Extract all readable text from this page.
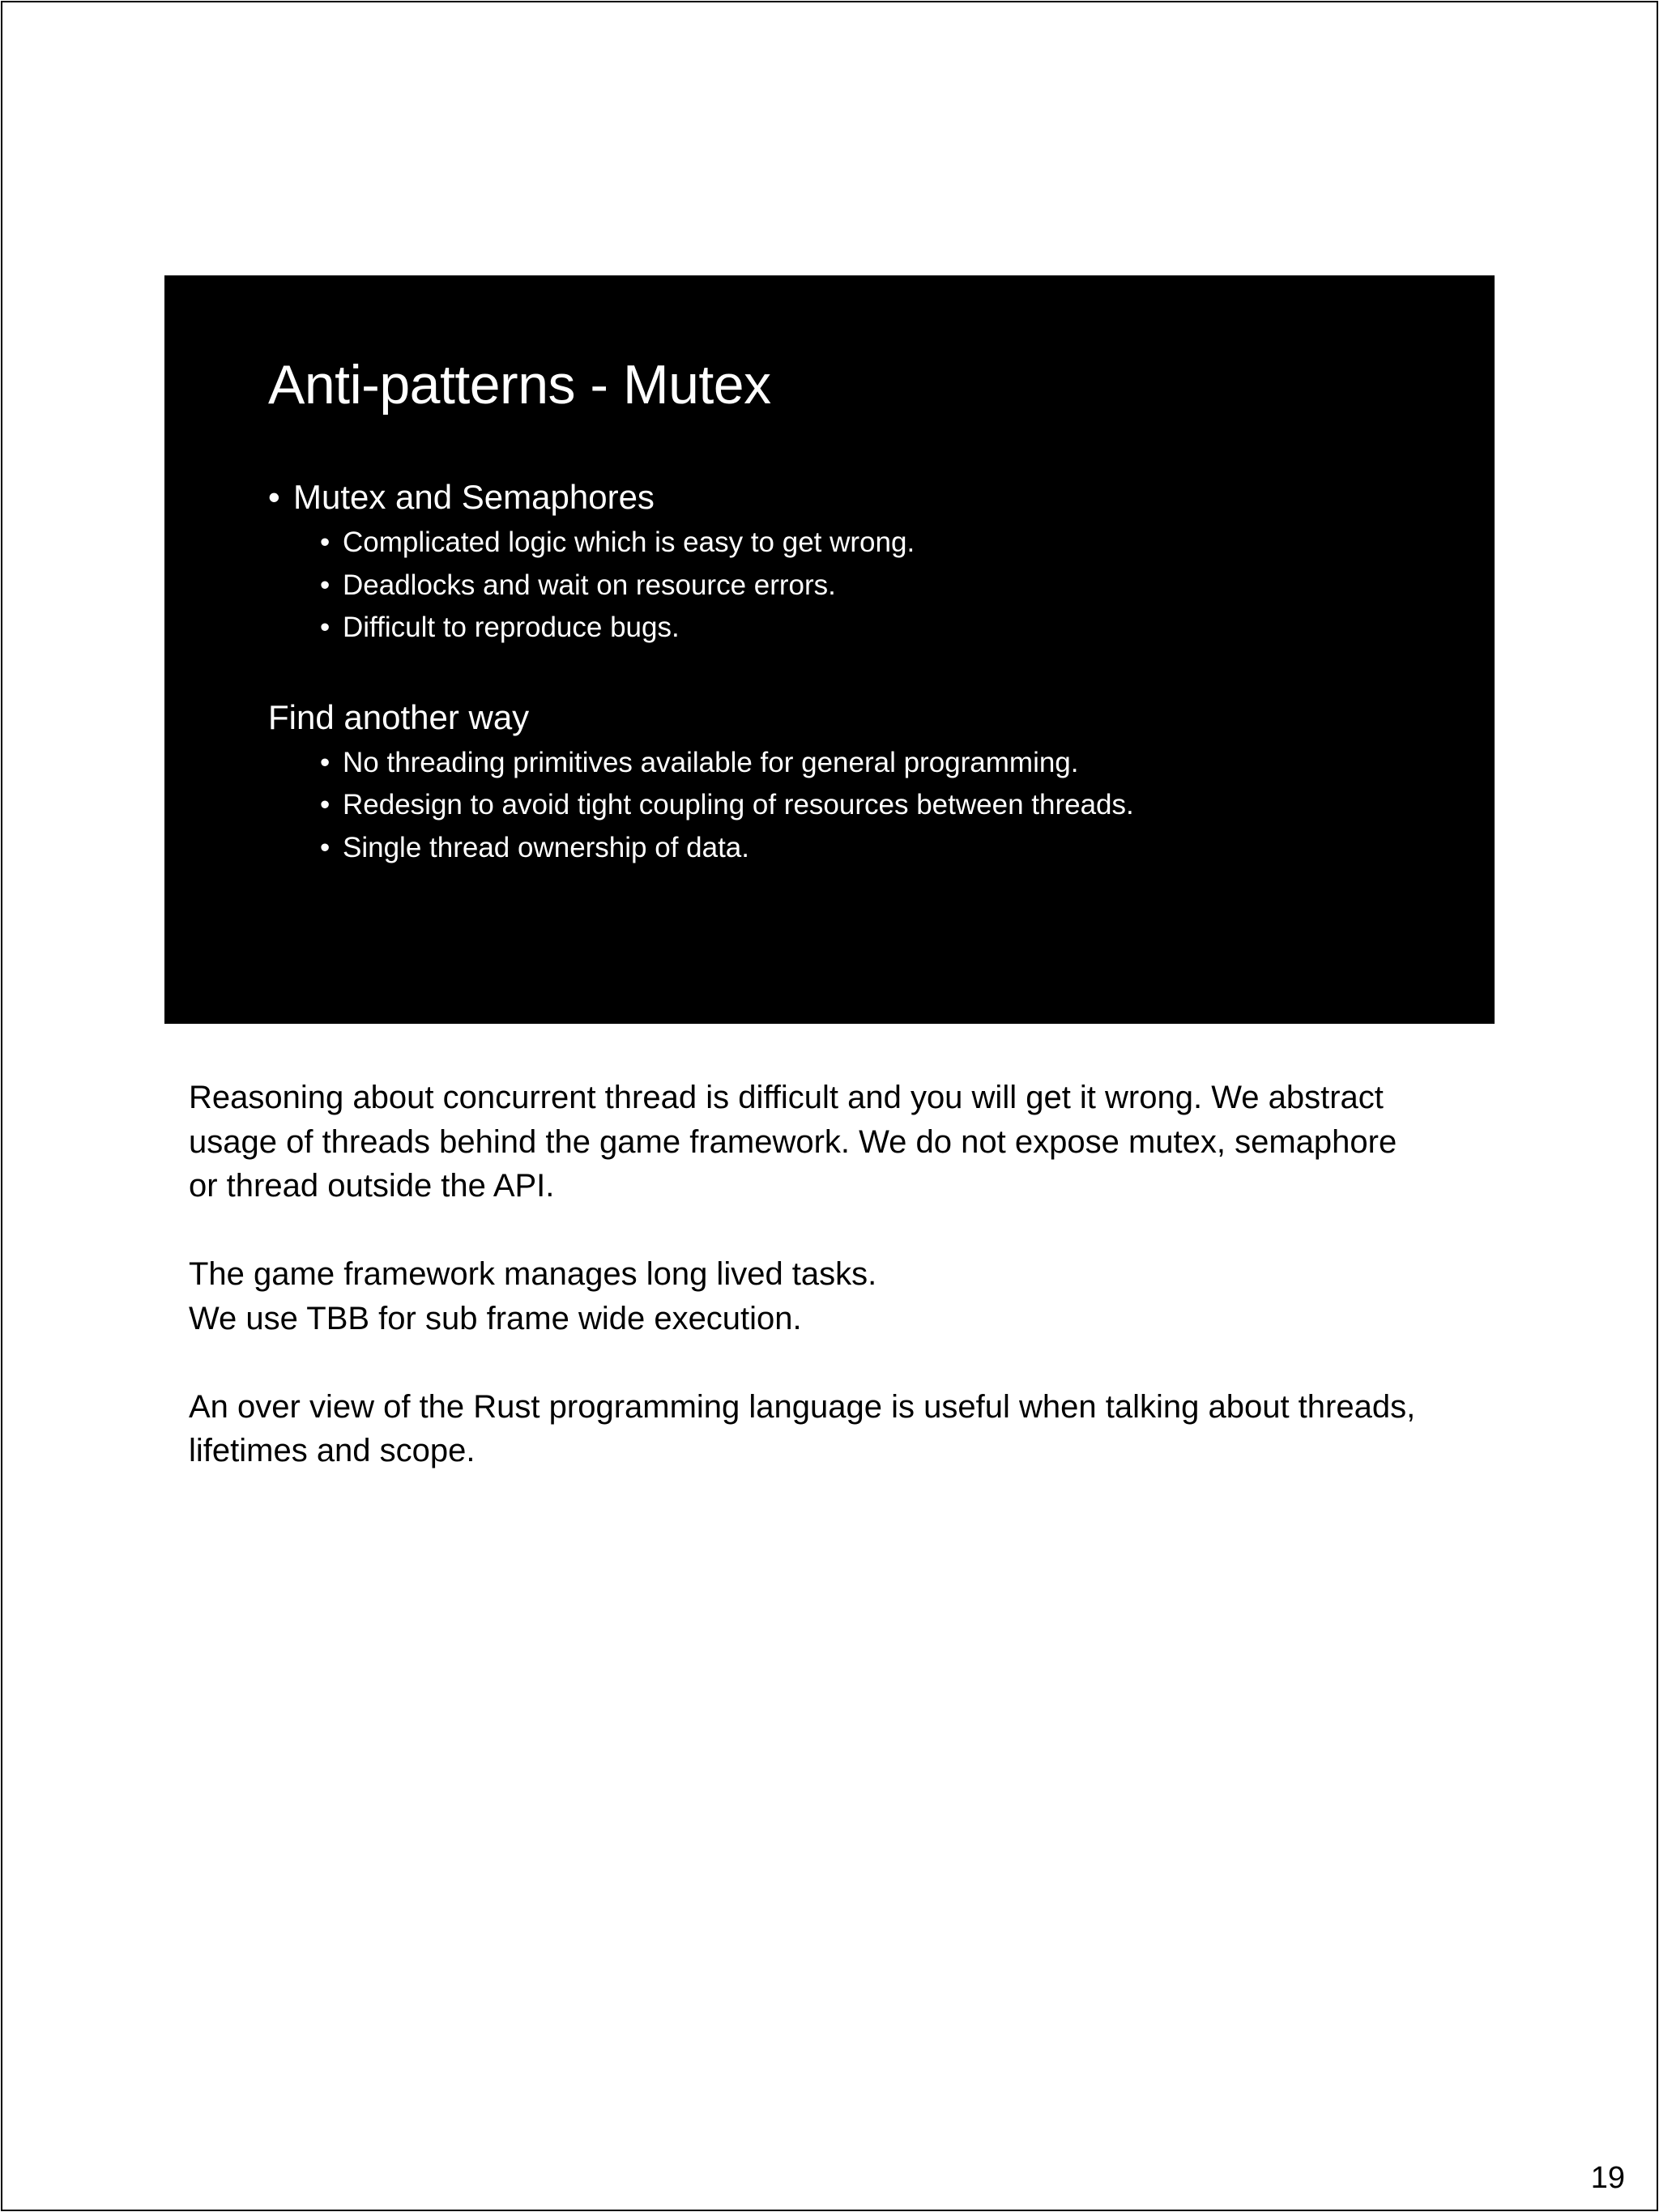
Anti-patterns - Mutex
• Mutex and Semaphores
• Complicated logic which is easy to get wrong.
• Deadlocks and wait on resource errors.
• Difficult to reproduce bugs.
Find another way
• No threading primitives available for general programming.
• Redesign to avoid tight coupling of resources between threads.
• Single thread ownership of data.

Reasoning about concurrent thread is difficult and you will get it wrong. We abstract
usage of threads behind the game framework. We do not expose mutex, semaphore
or thread outside the API.

The game framework manages long lived tasks.
We use TBB for sub frame wide execution.

An over view of the Rust programming language is useful when talking about threads,
lifetimes and scope.

19
